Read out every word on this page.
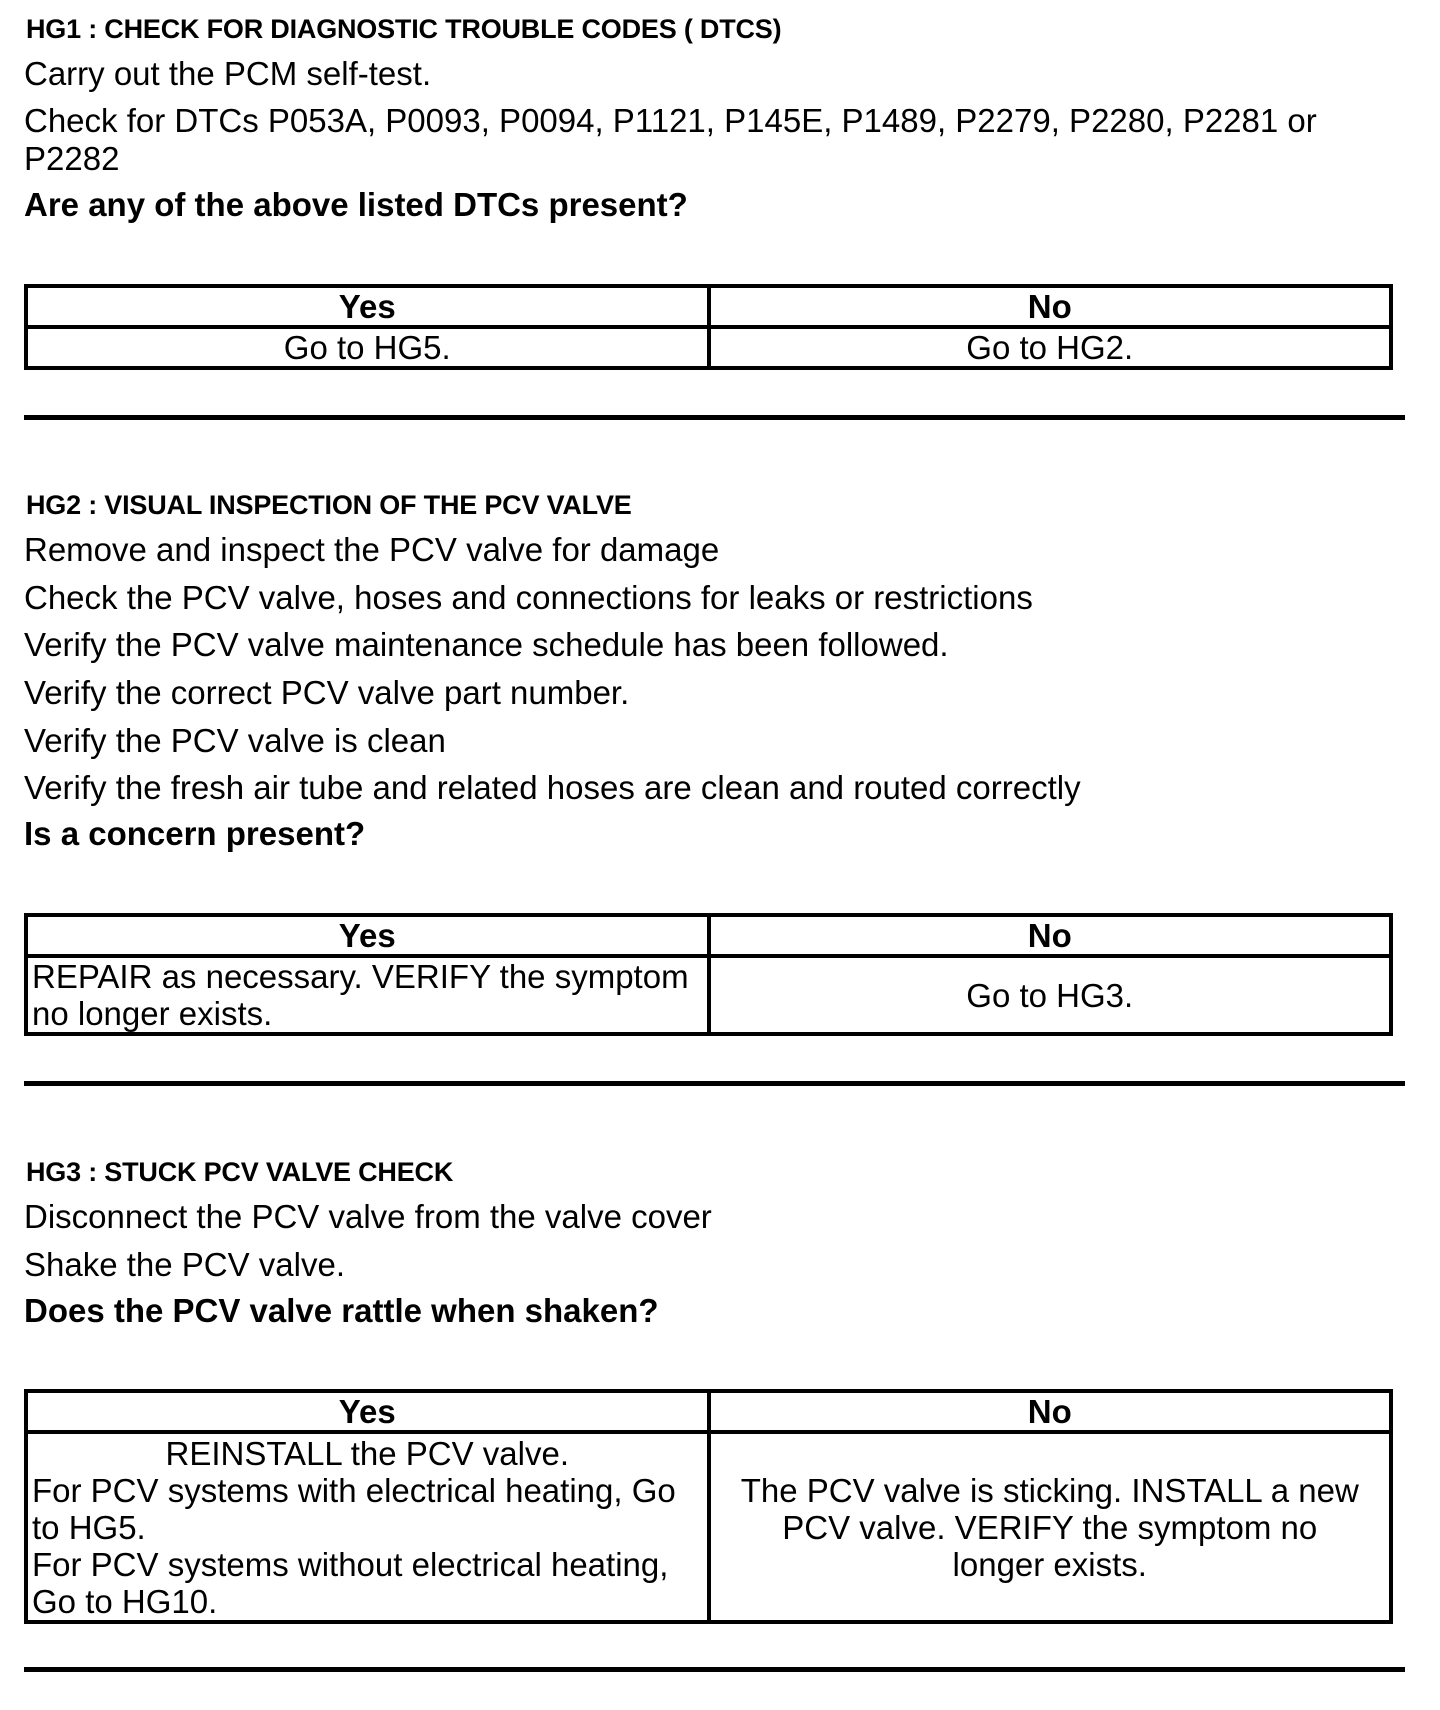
HG1 : CHECK FOR DIAGNOSTIC TROUBLE CODES ( DTCS)
Carry out the PCM self-test.
Check for DTCs P053A, P0093, P0094, P1121, P145E, P1489, P2279, P2280, P2281 or P2282
Are any of the above listed DTCs present?
Yes	No
Go to HG5.	Go to HG2.
HG2 : VISUAL INSPECTION OF THE PCV VALVE
Remove and inspect the PCV valve for damage
Check the PCV valve, hoses and connections for leaks or restrictions
Verify the PCV valve maintenance schedule has been followed.
Verify the correct PCV valve part number.
Verify the PCV valve is clean
Verify the fresh air tube and related hoses are clean and routed correctly
Is a concern present?
Yes	No
REPAIR as necessary. VERIFY the symptom no longer exists.	Go to HG3.
HG3 : STUCK PCV VALVE CHECK
Disconnect the PCV valve from the valve cover
Shake the PCV valve.
Does the PCV valve rattle when shaken?
Yes	No

REINSTALL the PCV valve.
For PCV systems with electrical heating, Go to HG5.
For PCV systems without electrical heating, Go to HG10.	The PCV valve is sticking. INSTALL a new PCV valve. VERIFY the symptom no longer exists.
